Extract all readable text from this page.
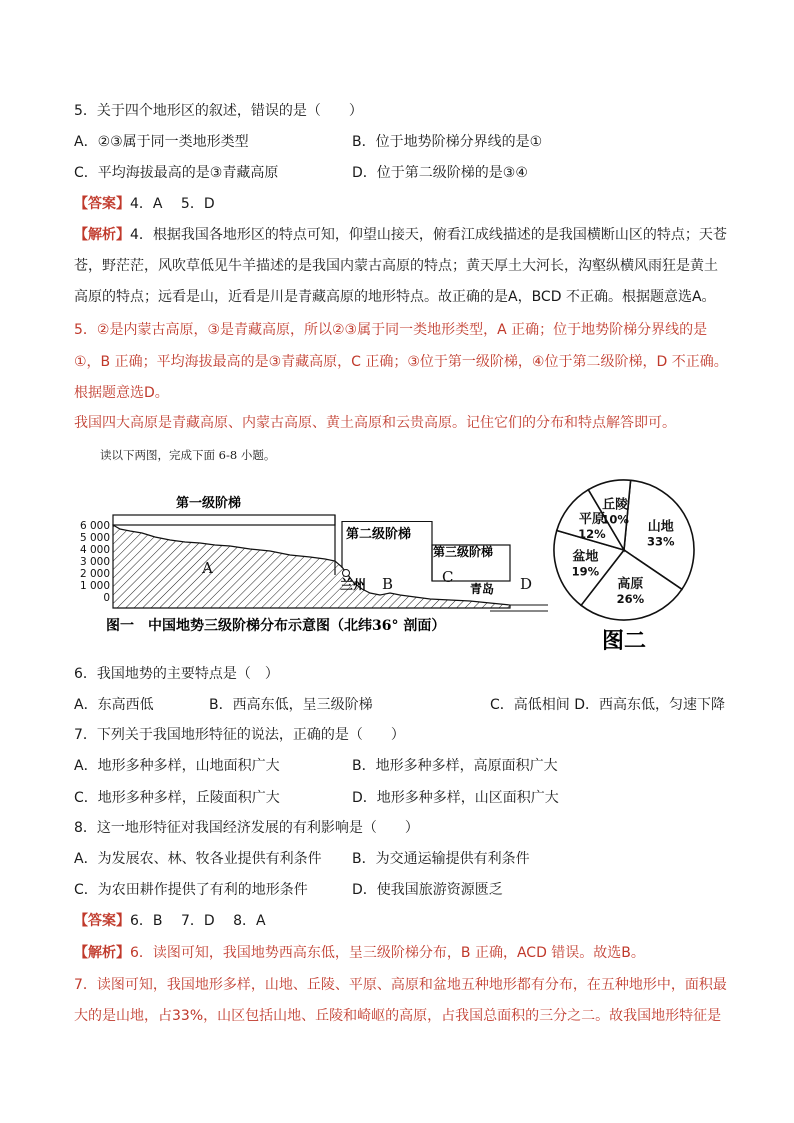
5．关于四个地形区的叙述，错误的是（　　）
A．②③属于同一类地形类型	B．位于地势阶梯分界线的是①
C．平均海拔最高的是③青藏高原	D．位于第二级阶梯的是③④
【答案】4．A　 5．D
【解析】4．根据我国各地形区的特点可知，仰望山接天，俯看江成线描述的是我国横断山区的特点；天苍
苍，野茫茫，风吹草低见牛羊描述的是我国内蒙古高原的特点；黄天厚土大河长，沟壑纵横风雨狂是黄土
高原的特点；远看是山，近看是川是青藏高原的地形特点。故正确的是A，BCD 不正确。根据题意选A。
5．②是内蒙古高原，③是青藏高原，所以②③属于同一类地形类型，A 正确；位于地势阶梯分界线的是
①，B 正确；平均海拔最高的是③青藏高原，C 正确；③位于第一级阶梯，④位于第二级阶梯，D 不正确。
根据题意选D。
我国四大高原是青藏高原、内蒙古高原、黄土高原和云贵高原。记住它们的分布和特点解答即可。
读以下两图，完成下面 6-8 小题。
6 000
5 000
4 000
3 000
2 000
1 000
0
第一级阶梯
第二级阶梯
第三级阶梯
A
B	C	D
兰州	青岛
图一　中国地势三级阶梯分布示意图（北纬36° 剖面）
山地
33%
高原
26%
盆地
19%
平原
12%
丘陵
10%
图二
6．我国地势的主要特点是（　）
A．东高西低	B．西高东低，呈三级阶梯	C．高低相间 D．西高东低，匀速下降
7．下列关于我国地形特征的说法，正确的是（　　）
A．地形多种多样，山地面积广大	B．地形多种多样，高原面积广大
C．地形多种多样，丘陵面积广大	D．地形多种多样，山区面积广大
8．这一地形特征对我国经济发展的有利影响是（　　）
A．为发展农、林、牧各业提供有利条件 B．为交通运输提供有利条件
C．为农田耕作提供了有利的地形条件	D．使我国旅游资源匮乏
【答案】6．B　 7．D　 8．A
【解析】6．读图可知，我国地势西高东低，呈三级阶梯分布，B 正确，ACD 错误。故选B。
7．读图可知，我国地形多样，山地、丘陵、平原、高原和盆地五种地形都有分布，在五种地形中，面积最
大的是山地，占33%，山区包括山地、丘陵和崎岖的高原，占我国总面积的三分之二。故我国地形特征是
